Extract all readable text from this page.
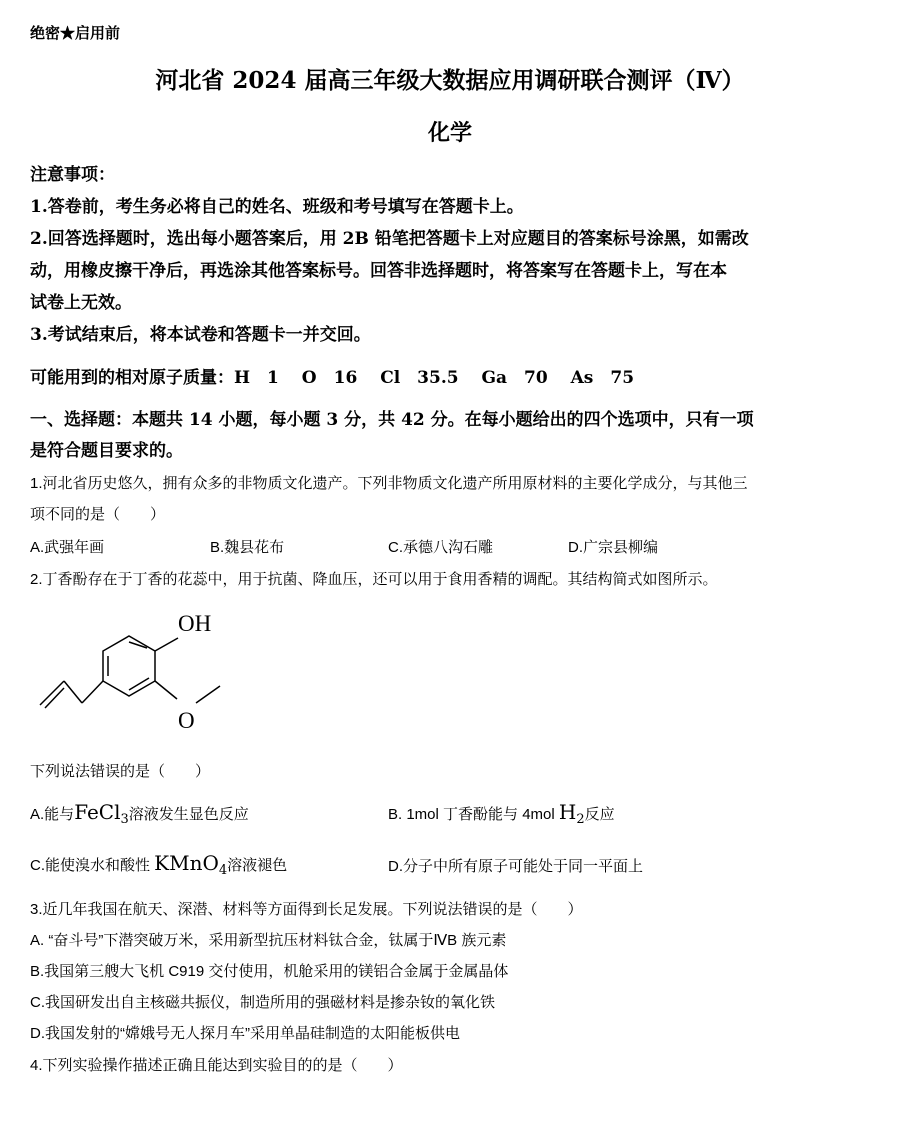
绝密★启用前
河北省 2024 届高三年级大数据应用调研联合测评（Ⅳ）
化学
注意事项：
1.答卷前，考生务必将自己的姓名、班级和考号填写在答题卡上。
2.回答选择题时，选出每小题答案后，用 2B 铅笔把答题卡上对应题目的答案标号涂黑，如需改
动，用橡皮擦干净后，再选涂其他答案标号。回答非选择题时，将答案写在答题卡上，写在本
试卷上无效。
3.考试结束后，将本试卷和答题卡一并交回。
可能用到的相对原子质量：H　1　 O　16　 Cl　35.5　 Ga　70　 As　75
一、选择题：本题共 14 小题，每小题 3 分，共 42 分。在每小题给出的四个选项中，只有一项
是符合题目要求的。
1.河北省历史悠久，拥有众多的非物质文化遗产。下列非物质文化遗产所用原材料的主要化学成分，与其他三
项不同的是（　　）
A.武强年画	B.魏县花布	C.承德八沟石雕	D.广宗县柳编
2.丁香酚存在于丁香的花蕊中，用于抗菌、降血压，还可以用于食用香精的调配。其结构简式如图所示。
OH
O
下列说法错误的是（　　）
A.能与FeCl$_3$溶液发生显色反应	B. 1mol 丁香酚能与 4mol $H_2$反应
C.能使溴水和酸性 KMnO$_4$溶液褪色	D.分子中所有原子可能处于同一平面上
3.近几年我国在航天、深潜、材料等方面得到长足发展。下列说法错误的是（　　）
A. “奋斗号”下潜突破万米，采用新型抗压材料钛合金，钛属于ⅣB 族元素
B.我国第三艘大飞机 C919 交付使用，机舱采用的镁铝合金属于金属晶体
C.我国研发出自主核磁共振仪，制造所用的强磁材料是掺杂钕的氧化铁
D.我国发射的“嫦娥号无人探月车”采用单晶硅制造的太阳能板供电
4.下列实验操作描述正确且能达到实验目的的是（　　）
